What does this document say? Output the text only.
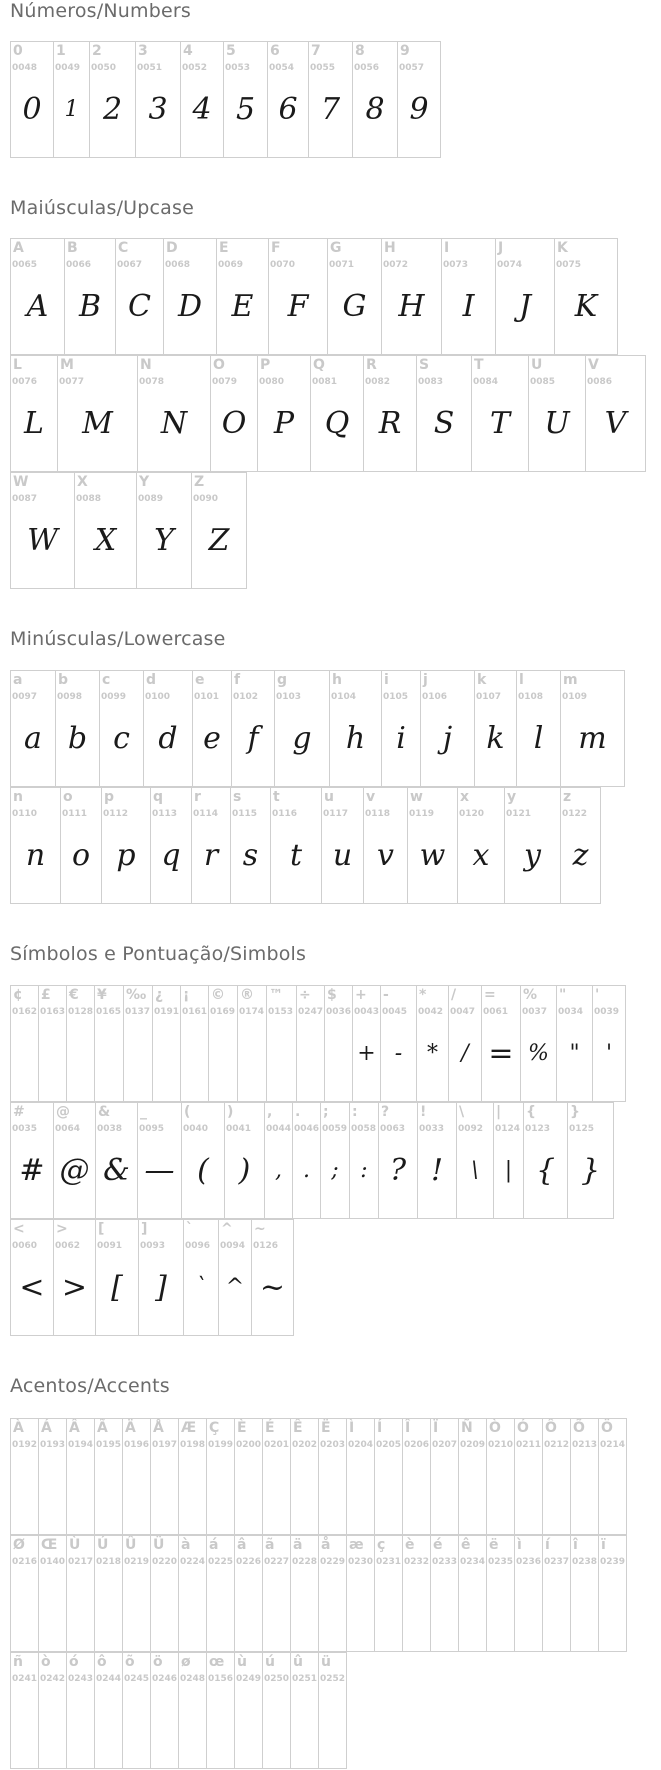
Números/Numbers
0
0048
0
1
0049
1
2
0050
2
3
0051
3
4
0052
4
5
0053
5
6
0054
6
7
0055
7
8
0056
8
9
0057
9
Maiúsculas/Upcase
A
0065
A
B
0066
B
C
0067
C
D
0068
D
E
0069
E
F
0070
F
G
0071
G
H
0072
H
I
0073
I
J
0074
J
K
0075
K
L
0076
L
M
0077
M
N
0078
N
O
0079
O
P
0080
P
Q
0081
Q
R
0082
R
S
0083
S
T
0084
T
U
0085
U
V
0086
V
W
0087
W
X
0088
X
Y
0089
Y
Z
0090
Z
Minúsculas/Lowercase
a
0097
a
b
0098
b
c
0099
c
d
0100
d
e
0101
e
f
0102
f
g
0103
g
h
0104
h
i
0105
i
j
0106
j
k
0107
k
l
0108
l
m
0109
m
n
0110
n
o
0111
o
p
0112
p
q
0113
q
r
0114
r
s
0115
s
t
0116
t
u
0117
u
v
0118
v
w
0119
w
x
0120
x
y
0121
y
z
0122
z
Símbolos e Pontuação/Simbols
¢
0162
£
0163
€
0128
¥
0165
‰
0137
¿
0191
¡
0161
©
0169
®
0174
™
0153
÷
0247
$
0036
+
0043
+
-
0045
-
*
0042
*
/
0047
/
=
0061
=
%
0037
%
"
0034
"
'
0039
'
#
0035
#
@
0064
@
&
0038
&
_
0095
—
(
0040
(
)
0041
)
,
0044
,
.
0046
.
;
0059
;
:
0058
:
?
0063
?
!
0033
!
\
0092
\
|
0124
|
{
0123
{
}
0125
}
<
0060
<
>
0062
>
[
0091
[
]
0093
]
`
0096
`
^
0094
^
~
0126
~
Acentos/Accents
À
0192
Á
0193
Â
0194
Ã
0195
Ä
0196
Å
0197
Æ
0198
Ç
0199
È
0200
É
0201
Ê
0202
Ë
0203
Ì
0204
Í
0205
Î
0206
Ï
0207
Ñ
0209
Ò
0210
Ó
0211
Ô
0212
Õ
0213
Ö
0214
Ø
0216
Œ
0140
Ù
0217
Ú
0218
Û
0219
Ü
0220
à
0224
á
0225
â
0226
ã
0227
ä
0228
å
0229
æ
0230
ç
0231
è
0232
é
0233
ê
0234
ë
0235
ì
0236
í
0237
î
0238
ï
0239
ñ
0241
ò
0242
ó
0243
ô
0244
õ
0245
ö
0246
ø
0248
œ
0156
ù
0249
ú
0250
û
0251
ü
0252
